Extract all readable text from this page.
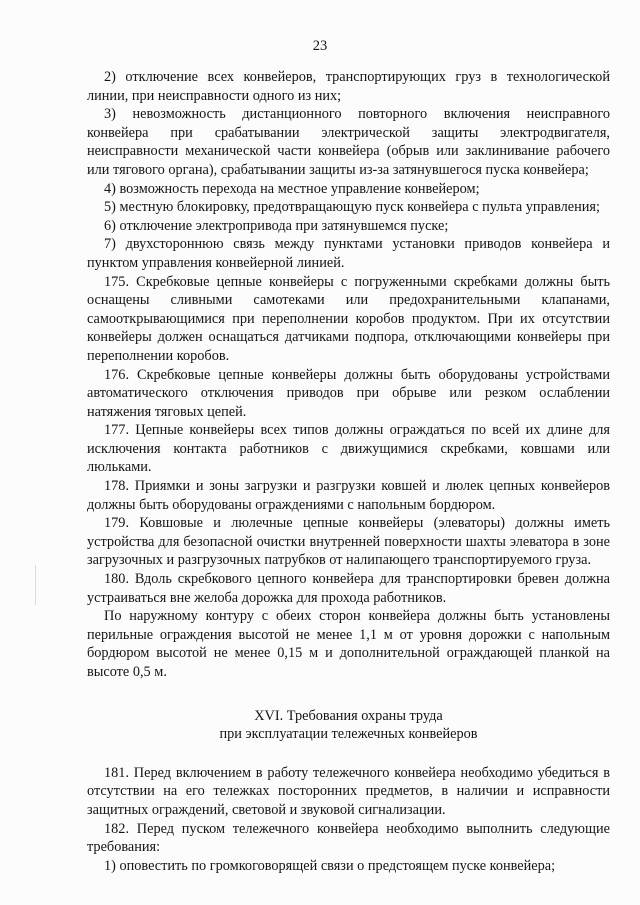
23

2) отключение всех конвейеров, транспортирующих груз в технологической линии, при неисправности одного из них;

3) невозможность дистанционного повторного включения неисправного конвейера при срабатывании электрической защиты электродвигателя, неисправности механической части конвейера (обрыв или заклинивание рабочего или тягового органа), срабатывании защиты из-за затянувшегося пуска конвейера;

4) возможность перехода на местное управление конвейером;

5) местную блокировку, предотвращающую пуск конвейера с пульта управления;

6) отключение электропривода при затянувшемся пуске;

7) двухстороннюю связь между пунктами установки приводов конвейера и пунктом управления конвейерной линией.

175. Скребковые цепные конвейеры с погруженными скребками должны быть оснащены сливными самотеками или предохранительными клапанами, самооткрывающимися при переполнении коробов продуктом. При их отсутствии конвейеры должен оснащаться датчиками подпора, отключающими конвейеры при переполнении коробов.

176. Скребковые цепные конвейеры должны быть оборудованы устройствами автоматического отключения приводов при обрыве или резком ослаблении натяжения тяговых цепей.

177. Цепные конвейеры всех типов должны ограждаться по всей их длине для исключения контакта работников с движущимися скребками, ковшами или люльками.

178. Приямки и зоны загрузки и разгрузки ковшей и люлек цепных конвейеров должны быть оборудованы ограждениями с напольным бордюром.

179. Ковшовые и люлечные цепные конвейеры (элеваторы) должны иметь устройства для безопасной очистки внутренней поверхности шахты элеватора в зоне загрузочных и разгрузочных патрубков от налипающего транспортируемого груза.

180. Вдоль скребкового цепного конвейера для транспортировки бревен должна устраиваться вне желоба дорожка для прохода работников.

По наружному контуру с обеих сторон конвейера должны быть установлены перильные ограждения высотой не менее 1,1 м от уровня дорожки с напольным бордюром высотой не менее 0,15 м и дополнительной ограждающей планкой на высоте 0,5 м.

XVI. Требования охраны труда

при эксплуатации тележечных конвейеров

181. Перед включением в работу тележечного конвейера необходимо убедиться в отсутствии на его тележках посторонних предметов, в наличии и исправности защитных ограждений, световой и звуковой сигнализации.

182. Перед пуском тележечного конвейера необходимо выполнить следующие требования:

1) оповестить по громкоговорящей связи о предстоящем пуске конвейера;
